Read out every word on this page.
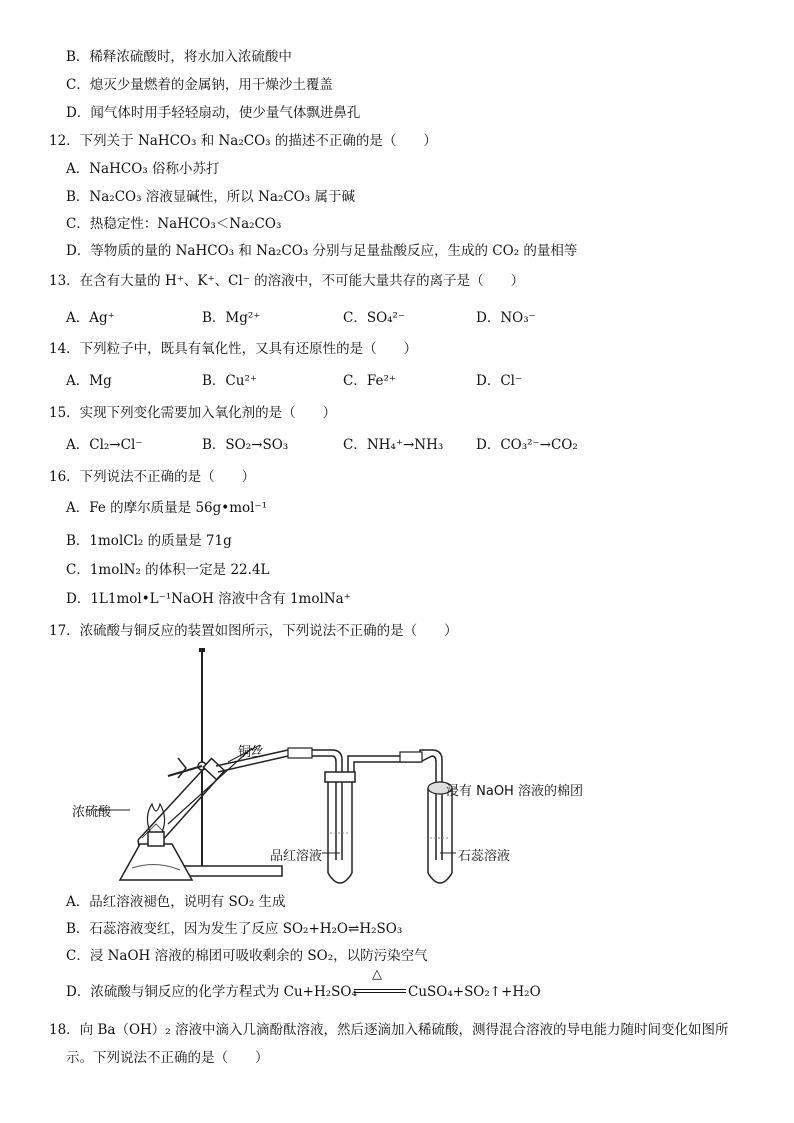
B．稀释浓硫酸时，将水加入浓硫酸中
C．熄灭少量燃着的金属钠，用干燥沙土覆盖
D．闻气体时用手轻轻扇动，使少量气体飘进鼻孔
12．下列关于 NaHCO₃ 和 Na₂CO₃ 的描述不正确的是（　　）
A．NaHCO₃ 俗称小苏打
B．Na₂CO₃ 溶液显碱性，所以 Na₂CO₃ 属于碱
C．热稳定性：NaHCO₃＜Na₂CO₃
D．等物质的量的 NaHCO₃ 和 Na₂CO₃ 分别与足量盐酸反应，生成的 CO₂ 的量相等
13．在含有大量的 H⁺、K⁺、Cl⁻ 的溶液中，不可能大量共存的离子是（　　）
14．下列粒子中，既具有氧化性，又具有还原性的是（　　）
15．实现下列变化需要加入氧化剂的是（　　）
16．下列说法不正确的是（　　）
A．Fe 的摩尔质量是 56g•mol⁻¹
B．1molCl₂ 的质量是 71g
C．1molN₂ 的体积一定是 22.4L
D．1L1mol•L⁻¹NaOH 溶液中含有 1molNa⁺
17．浓硫酸与铜反应的装置如图所示，下列说法不正确的是（　　）
A．品红溶液褪色，说明有 SO₂ 生成
B．石蕊溶液变红，因为发生了反应 SO₂+H₂O⇌H₂SO₃
C．浸 NaOH 溶液的棉团可吸收剩余的 SO₂，以防污染空气
18．向 Ba（OH）₂ 溶液中滴入几滴酚酞溶液，然后逐滴加入稀硫酸，测得混合溶液的导电能力随时间变化如图所
示。下列说法不正确的是（　　）
A．Ag⁺	B．Mg²⁺	C．SO₄²⁻	D．NO₃⁻
A．Mg	B．Cu²⁺	C．Fe²⁺	D．Cl⁻
A．Cl₂→Cl⁻	B．SO₂→SO₃	C．NH₄⁺→NH₃ D．CO₃²⁻→CO₂
铜丝
浓硫酸
品红溶液
浸有 NaOH 溶液的棉团
石蕊溶液
D．浓硫酸与铜反应的化学方程式为 Cu+H₂SO₄
△
CuSO₄+SO₂↑+H₂O
